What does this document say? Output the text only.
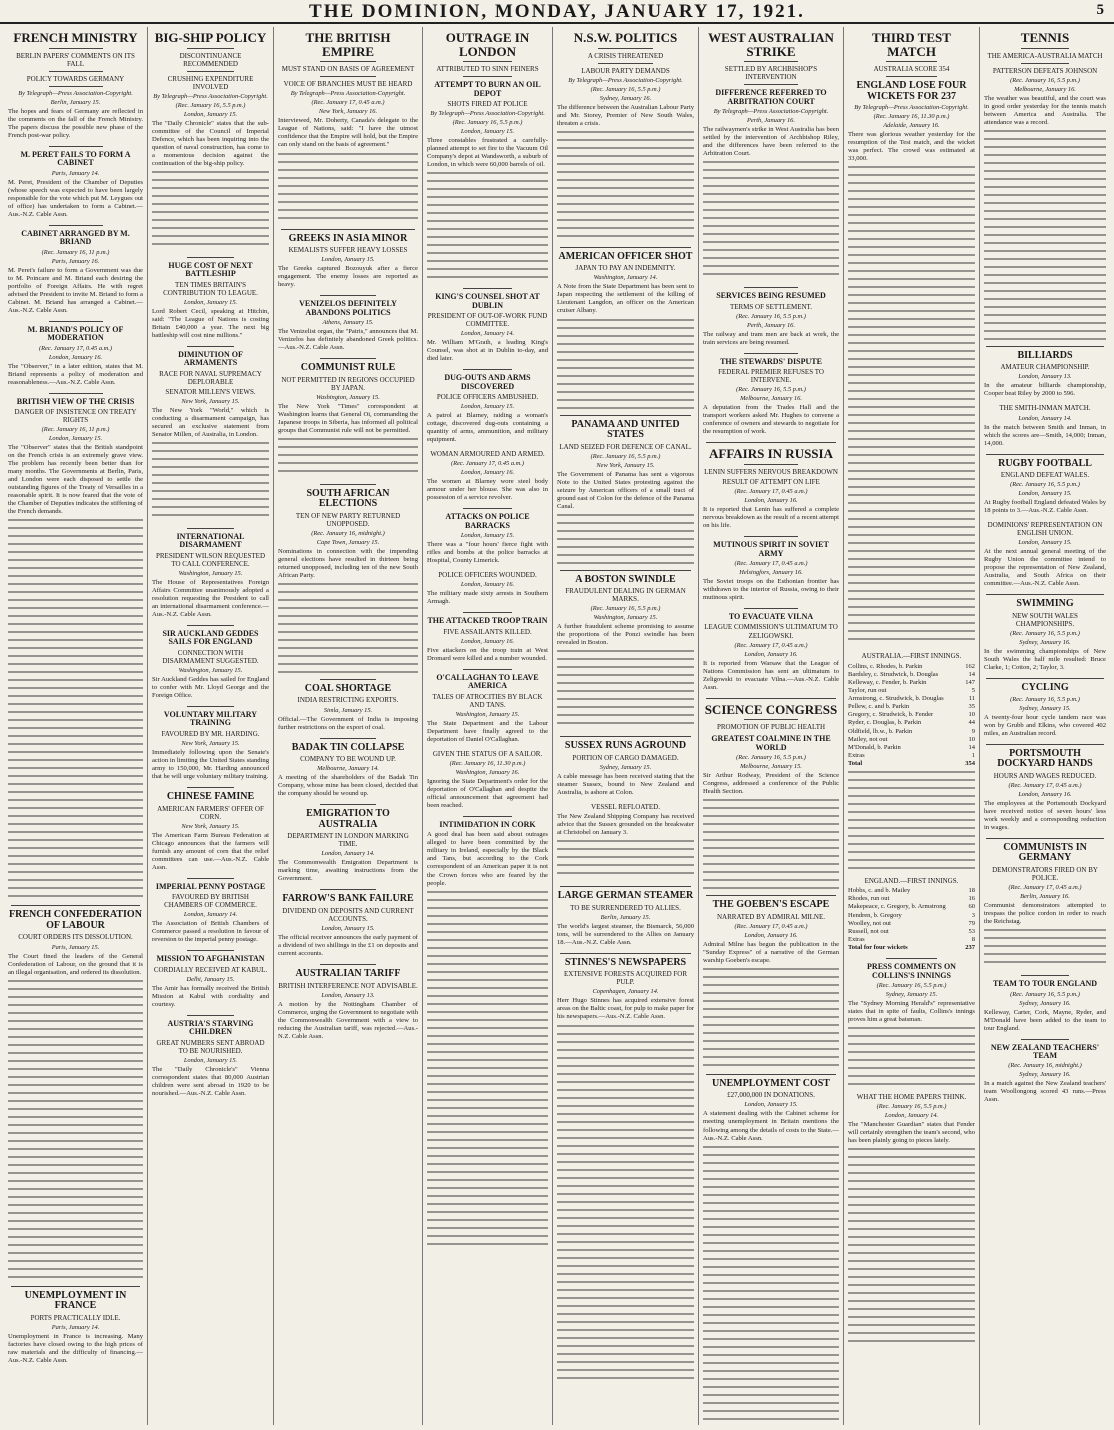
THE DOMINION, MONDAY, JANUARY 17, 1921.	5
FRENCH MINISTRY
BERLIN PAPERS' COMMENTS ON ITS FALL
POLICY TOWARDS GERMANY
By Telegraph—Press Association-Copyright.
Berlin, January 15.

The hopes and fears of Germany are reflected in the comments on the fall of the French Ministry. The papers discuss the possible new phase of the French post-war policy.

M. PERET FAILS TO FORM A CABINET
Paris, January 14.

M. Peret, President of the Chamber of Deputies (whose speech was expected to have been largely responsible for the vote which put M. Leygues out of office) has undertaken to form a Cabinet.—Aus.-N.Z. Cable Assn.

CABINET ARRANGED BY M. BRIAND
(Rec. January 16, 11 p.m.)
Paris, January 16.

M. Peret's failure to form a Government was due to M. Poincare and M. Briand each desiring the portfolio of Foreign Affairs. He with regret advised the President to invite M. Briand to form a Cabinet. M. Briand has arranged a Cabinet.—Aus.-N.Z. Cable Assn.

M. BRIAND'S POLICY OF MODERATION
(Rec. January 17, 0.45 a.m.)
London, January 16.

The "Observer," in a later edition, states that M. Briand represents a policy of moderation and reasonableness.—Aus.-N.Z. Cable Assn.

BRITISH VIEW OF THE CRISIS
DANGER OF INSISTENCE ON TREATY RIGHTS
(Rec. January 16, 11 p.m.)
London, January 15.

The "Observer" states that the British standpoint on the French crisis is an extremely grave view. The problem has recently been better than for many months. The Governments at Berlin, Paris, and London were each disposed to settle the outstanding figures of the Treaty of Versailles in a reasonable spirit. It is now feared that the vote of the Chamber of Deputies indicates the stiffening of the French demands.

FRENCH CONFEDERATION OF LABOUR
COURT ORDERS ITS DISSOLUTION.
Paris, January 15.

The Court fined the leaders of the General Confederation of Labour, on the ground that it is an illegal organisation, and ordered its dissolution.

UNEMPLOYMENT IN FRANCE
PORTS PRACTICALLY IDLE.
Paris, January 14.

Unemployment in France is increasing. Many factories have closed owing to the high prices of raw materials and the difficulty of financing.—Aus.-N.Z. Cable Assn.

BIG-SHIP POLICY
DISCONTINUANCE RECOMMENDED
CRUSHING EXPENDITURE INVOLVED
By Telegraph—Press Association-Copyright.
(Rec. January 16, 5.5 p.m.)
London, January 15.

The "Daily Chronicle" states that the sub-committee of the Council of Imperial Defence, which has been inquiring into the question of naval construction, has come to a momentous decision against the continuation of the big-ship policy.

HUGE COST OF NEXT BATTLESHIP
TEN TIMES BRITAIN'S CONTRIBUTION TO LEAGUE.
London, January 15.

Lord Robert Cecil, speaking at Hitchin, said: "The League of Nations is costing Britain £40,000 a year. The next big battleship will cost nine millions."

DIMINUTION OF ARMAMENTS
RACE FOR NAVAL SUPREMACY DEPLORABLE
SENATOR MILLEN'S VIEWS.
New York, January 15.

The New York "World," which is conducting a disarmament campaign, has secured an exclusive statement from Senator Millen, of Australia, in London.

INTERNATIONAL DISARMAMENT
PRESIDENT WILSON REQUESTED TO CALL CONFERENCE.
Washington, January 15.

The House of Representatives Foreign Affairs Committee unanimously adopted a resolution requesting the President to call an international disarmament conference.—Aus.-N.Z. Cable Assn.

SIR AUCKLAND GEDDES SAILS FOR ENGLAND
CONNECTION WITH DISARMAMENT SUGGESTED.
Washington, January 15.

Sir Auckland Geddes has sailed for England to confer with Mr. Lloyd George and the Foreign Office.

VOLUNTARY MILITARY TRAINING
FAVOURED BY MR. HARDING.
New York, January 15.

Immediately following upon the Senate's action in limiting the United States standing army to 150,000, Mr. Harding announced that he will urge voluntary military training.

CHINESE FAMINE
AMERICAN FARMERS' OFFER OF CORN.
New York, January 15.

The American Farm Bureau Federation at Chicago announces that the farmers will furnish any amount of corn that the relief committees can use.—Aus.-N.Z. Cable Assn.

IMPERIAL PENNY POSTAGE
FAVOURED BY BRITISH CHAMBERS OF COMMERCE.
London, January 14.

The Association of British Chambers of Commerce passed a resolution in favour of reversion to the imperial penny postage.

MISSION TO AFGHANISTAN
CORDIALLY RECEIVED AT KABUL.
Delhi, January 15.

The Amir has formally received the British Mission at Kabul with cordiality and courtesy.

AUSTRIA'S STARVING CHILDREN
GREAT NUMBERS SENT ABROAD TO BE NOURISHED.
London, January 15.

The "Daily Chronicle's" Vienna correspondent states that 80,000 Austrian children were sent abroad in 1920 to be nourished.—Aus.-N.Z. Cable Assn.

THE BRITISH EMPIRE
MUST STAND ON BASIS OF AGREEMENT
VOICE OF BRANCHES MUST BE HEARD
By Telegraph—Press Association-Copyright.
(Rec. January 17, 0.45 a.m.)
New York, January 16.

Interviewed, Mr. Doherty, Canada's delegate to the League of Nations, said: "I have the utmost confidence that the Empire will hold, but the Empire can only stand on the basis of agreement."

GREEKS IN ASIA MINOR
KEMALISTS SUFFER HEAVY LOSSES
London, January 15.

The Greeks captured Bozouyuk after a fierce engagement. The enemy losses are reported as heavy.

VENIZELOS DEFINITELY ABANDONS POLITICS
Athens, January 15.

The Venizelist organ, the "Patris," announces that M. Venizelos has definitely abandoned Greek politics.—Aus.-N.Z. Cable Assn.

COMMUNIST RULE
NOT PERMITTED IN REGIONS OCCUPIED BY JAPAN.
Washington, January 15.

The New York "Times" correspondent at Washington learns that General Oi, commanding the Japanese troops in Siberia, has informed all political groups that Communist rule will not be permitted.

SOUTH AFRICAN ELECTIONS
TEN OF NEW PARTY RETURNED UNOPPOSED.
(Rec. January 16, midnight.)
Cape Town, January 15.

Nominations in connection with the impending general elections have resulted in thirteen being returned unopposed, including ten of the new South African Party.

COAL SHORTAGE
INDIA RESTRICTING EXPORTS.
Simla, January 15.

Official.—The Government of India is imposing further restrictions on the export of coal.

BADAK TIN COLLAPSE
COMPANY TO BE WOUND UP.
Melbourne, January 14.

A meeting of the shareholders of the Badak Tin Company, whose mine has been closed, decided that the company should be wound up.

EMIGRATION TO AUSTRALIA
DEPARTMENT IN LONDON MARKING TIME.
London, January 14.

The Commonwealth Emigration Department is marking time, awaiting instructions from the Government.

FARROW'S BANK FAILURE
DIVIDEND ON DEPOSITS AND CURRENT ACCOUNTS.
London, January 15.

The official receiver announces the early payment of a dividend of two shillings in the £1 on deposits and current accounts.

AUSTRALIAN TARIFF
BRITISH INTERFERENCE NOT ADVISABLE.
London, January 13.

A motion by the Nottingham Chamber of Commerce, urging the Government to negotiate with the Commonwealth Government with a view to reducing the Australian tariff, was rejected.—Aus.-N.Z. Cable Assn.

OUTRAGE IN LONDON
ATTRIBUTED TO SINN FEINERS
ATTEMPT TO BURN AN OIL DEPOT
SHOTS FIRED AT POLICE
By Telegraph—Press Association-Copyright.
(Rec. January 16, 5.5 p.m.)
London, January 15.

Three constables frustrated a carefully-planned attempt to set fire to the Vacuum Oil Company's depot at Wandsworth, a suburb of London, in which were 60,000 barrels of oil.

KING'S COUNSEL SHOT AT DUBLIN
PRESIDENT OF OUT-OF-WORK FUND COMMITTEE.
London, January 14.

Mr. William M'Grath, a leading King's Counsel, was shot at in Dublin to-day, and died later.

DUG-OUTS AND ARMS DISCOVERED
POLICE OFFICERS AMBUSHED.
London, January 15.

A patrol at Blarney, raiding a woman's cottage, discovered dug-outs containing a quantity of arms, ammunition, and military equipment.

WOMAN ARMOURED AND ARMED.
(Rec. January 17, 0.45 a.m.)
London, January 16.

The women at Blarney wore steel body armour under her blouse. She was also in possession of a service revolver.

ATTACKS ON POLICE BARRACKS
London, January 15.

There was a "four hours' fierce fight with rifles and bombs at the police barracks at Hospital, County Limerick.

POLICE OFFICERS WOUNDED.
London, January 16.

The military made sixty arrests in Southern Armagh.

THE ATTACKED TROOP TRAIN
FIVE ASSAILANTS KILLED.
London, January 16.

Five attackers on the troop train at West Dromard were killed and a number wounded.

O'CALLAGHAN TO LEAVE AMERICA
TALES OF ATROCITIES BY BLACK AND TANS.
Washington, January 15.

The State Department and the Labour Department have finally agreed to the deportation of Daniel O'Callaghan.

GIVEN THE STATUS OF A SAILOR.
(Rec. January 16, 11.30 p.m.)
Washington, January 16.

Ignoring the State Department's order for the deportation of O'Callaghan and despite the official announcement that agreement had been reached.

INTIMIDATION IN CORK

A good deal has been said about outrages alleged to have been committed by the military in Ireland, especially by the Black and Tans, but according to the Cork correspondent of an American paper it is not the Crown forces who are feared by the people.

N.S.W. POLITICS
A CRISIS THREATENED
LABOUR PARTY DEMANDS
By Telegraph—Press Association-Copyright.
(Rec. January 16, 5.5 p.m.)
Sydney, January 16.

The difference between the Australian Labour Party and Mr. Storey, Premier of New South Wales, threaten a crisis.

AMERICAN OFFICER SHOT
JAPAN TO PAY AN INDEMNITY.
Washington, January 14.

A Note from the State Department has been sent to Japan respecting the settlement of the killing of Lieutenant Langdon, an officer on the American cruiser Albany.

PANAMA AND UNITED STATES
LAND SEIZED FOR DEFENCE OF CANAL.
(Rec. January 16, 5.5 p.m.)
New York, January 15.

The Government of Panama has sent a vigorous Note to the United States protesting against the seizure by American officers of a small tract of ground east of Colon for the defence of the Panama Canal.

A BOSTON SWINDLE
FRAUDULENT DEALING IN GERMAN MARKS.
(Rec. January 16, 5.5 p.m.)
Washington, January 15.

A further fraudulent scheme promising to assume the proportions of the Ponzi swindle has been revealed in Boston.

SUSSEX RUNS AGROUND
PORTION OF CARGO DAMAGED.
Sydney, January 15.

A cable message has been received stating that the steamer Sussex, bound to New Zealand and Australia, is ashore at Colon.

VESSEL REFLOATED.

The New Zealand Shipping Company has received advice that the Sussex grounded on the breakwater at Christobel on January 3.

LARGE GERMAN STEAMER
TO BE SURRENDERED TO ALLIES.
Berlin, January 15.

The world's largest steamer, the Bismarck, 56,000 tons, will be surrendered to the Allies on January 18.—Aus.-N.Z. Cable Assn.

STINNES'S NEWSPAPERS
EXTENSIVE FORESTS ACQUIRED FOR PULP.
Copenhagen, January 14.

Herr Hugo Stinnes has acquired extensive forest areas on the Baltic coast, for pulp to make paper for his newspapers.—Aus.-N.Z. Cable Assn.

WEST AUSTRALIAN STRIKE
SETTLED BY ARCHBISHOP'S INTERVENTION
DIFFERENCE REFERRED TO ARBITRATION COURT
By Telegraph—Press Association-Copyright.
Perth, January 16.

The railwaymen's strike in West Australia has been settled by the intervention of Archbishop Riley, and the differences have been referred to the Arbitration Court.

SERVICES BEING RESUMED
TERMS OF SETTLEMENT.
(Rec. January 16, 5.5 p.m.)
Perth, January 16.

The railway and tram men are back at work, the train services are being resumed.

THE STEWARDS' DISPUTE
FEDERAL PREMIER REFUSES TO INTERVENE.
(Rec. January 16, 5.5 p.m.)
Melbourne, January 16.

A deputation from the Trades Hall and the transport workers asked Mr. Hughes to convene a conference of owners and stewards to negotiate for the resumption of work.

AFFAIRS IN RUSSIA
LENIN SUFFERS NERVOUS BREAKDOWN
RESULT OF ATTEMPT ON LIFE
(Rec. January 17, 0.45 a.m.)
London, January 16.

It is reported that Lenin has suffered a complete nervous breakdown as the result of a recent attempt on his life.

MUTINOUS SPIRIT IN SOVIET ARMY
(Rec. January 17, 0.45 a.m.)
Helsingfors, January 16.

The Soviet troops on the Esthonian frontier has withdrawn to the interior of Russia, owing to their mutinous spirit.

TO EVACUATE VILNA
LEAGUE COMMISSION'S ULTIMATUM TO ZELIGOWSKI.
(Rec. January 17, 0.45 a.m.)
London, January 16.

It is reported from Warsaw that the League of Nations Commission has sent an ultimatum to Zeligowski to evacuate Vilna.—Aus.-N.Z. Cable Assn.

SCIENCE CONGRESS
PROMOTION OF PUBLIC HEALTH
GREATEST COALMINE IN THE WORLD
(Rec. January 16, 5.5 p.m.)
Melbourne, January 15.

Sir Arthur Rodway, President of the Science Congress, addressed a conference of the Public Health Section.

THE GOEBEN'S ESCAPE
NARRATED BY ADMIRAL MILNE.
(Rec. January 17, 0.45 a.m.)
London, January 16.

Admiral Milne has begun the publication in the "Sunday Express" of a narrative of the German warship Goeben's escape.

UNEMPLOYMENT COST
£27,000,000 IN DONATIONS.
London, January 15.

A statement dealing with the Cabinet scheme for meeting unemployment in Britain mentions the following among the details of costs to the State.—Aus.-N.Z. Cable Assn.

THIRD TEST MATCH
AUSTRALIA SCORE 354
ENGLAND LOSE FOUR WICKETS FOR 237
By Telegraph—Press Association-Copyright.
(Rec. January 16, 11.30 p.m.)
Adelaide, January 16.

There was glorious weather yesterday for the resumption of the Test match, and the wicket was perfect. The crowd was estimated at 33,000.

AUSTRALIA.—FIRST INNINGS.
Collins, c. Rhodes, b. Parkin	162
Bardsley, c. Strudwick, b. Douglas	14
Kelleway, c. Fender, b. Parkin	147
Taylor, run out	5
Armstrong, c. Strudwick, b. Douglas	11
Pellew, c. and b. Parkin	35
Gregory, c. Strudwick, b. Fender	10
Ryder, c. Douglas, b. Parkin	44
Oldfield, lb.w., b. Parkin	9
Mailey, not out	10
M'Donald, b. Parkin	14
Extras	1
Total	354
ENGLAND.—FIRST INNINGS.
Hobbs, c. and b. Mailey	18
Rhodes, run out	16
Makepeace, c. Gregory, b. Armstrong	60
Hendren, b. Gregory	3
Woolley, not out	79
Russell, not out	53
Extras	8
Total for four wickets	237
PRESS COMMENTS ON COLLINS'S INNINGS
(Rec. January 16, 5.5 p.m.)
Sydney, January 15.

The "Sydney Morning Herald's" representative states that in spite of faults, Collins's innings proves him a great batsman.

WHAT THE HOME PAPERS THINK.
(Rec. January 16, 5.5 p.m.)
London, January 14.

The "Manchester Guardian" states that Fender will certainly strengthen the team's second, who has been plainly going to pieces lately.

TENNIS
THE AMERICA-AUSTRALIA MATCH
PATTERSON DEFEATS JOHNSON
(Rec. January 16, 5.5 p.m.)
Melbourne, January 16.

The weather was beautiful, and the court was in good order yesterday for the tennis match between America and Australia. The attendance was a record.

BILLIARDS
AMATEUR CHAMPIONSHIP.
London, January 13.

In the amateur billiards championship, Cooper beat Riley by 2000 to 596.

THE SMITH-INMAN MATCH.
London, January 14.

In the match between Smith and Inman, in which the scores are—Smith, 14,000; Inman, 14,000.

RUGBY FOOTBALL
ENGLAND DEFEAT WALES.
(Rec. January 16, 5.5 p.m.)
London, January 15.

At Rugby football England defeated Wales by 18 points to 3.—Aus.-N.Z. Cable Assn.

DOMINIONS' REPRESENTATION ON ENGLISH UNION.
London, January 15.

At the next annual general meeting of the Rugby Union the committee intend to propose the representation of New Zealand, Australia, and South Africa on their committee.—Aus.-N.Z. Cable Assn.

SWIMMING
NEW SOUTH WALES CHAMPIONSHIPS.
(Rec. January 16, 5.5 p.m.)
Sydney, January 16.

In the swimming championships of New South Wales the half mile resulted: Bruce Clarke, 1; Cotton, 2; Taylor, 3.

CYCLING
(Rec. January 16, 5.5 p.m.)
Sydney, January 15.

A twenty-four hour cycle tandem race was won by Grubb and Elkins, who covered 402 miles, an Australian record.

PORTSMOUTH DOCKYARD HANDS
HOURS AND WAGES REDUCED.
(Rec. January 17, 0.45 a.m.)
London, January 16.

The employees at the Portsmouth Dockyard have received notice of seven hours' less work weekly and a corresponding reduction in wages.

COMMUNISTS IN GERMANY
DEMONSTRATORS FIRED ON BY POLICE.
(Rec. January 17, 0.45 a.m.)
Berlin, January 16.

Communist demonstrators attempted to trespass the police cordon in order to reach the Reichstag.

TEAM TO TOUR ENGLAND
(Rec. January 16, 5.5 p.m.)
Sydney, January 16.

Kelleway, Carter, Cork, Mayne, Ryder, and M'Donald have been added to the team to tour England.

NEW ZEALAND TEACHERS' TEAM
(Rec. January 16, midnight.)
Sydney, January 16.

In a match against the New Zealand teachers' team Woollongong scored 43 runs.—Press Assn.
